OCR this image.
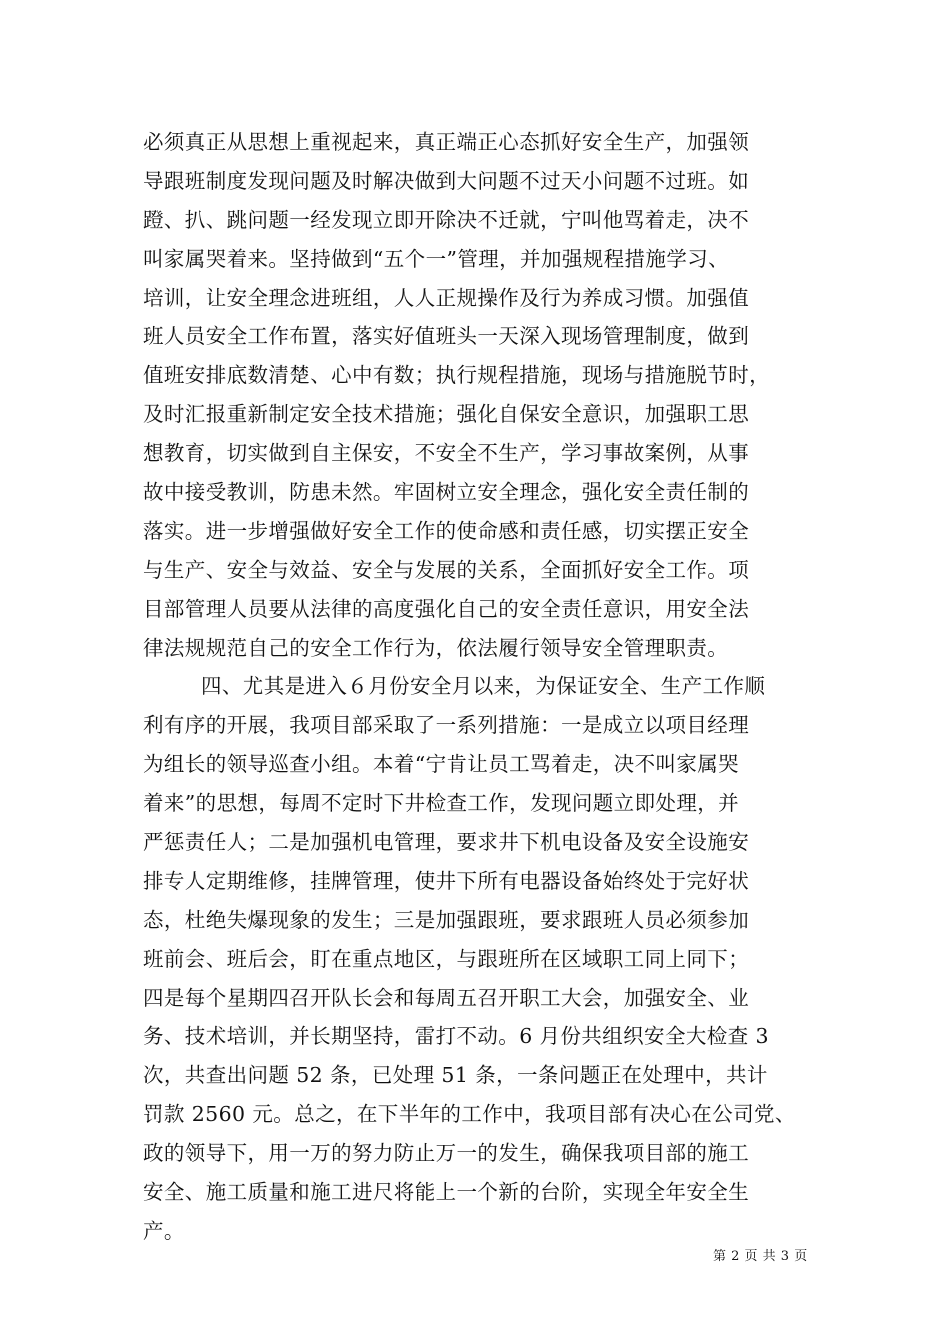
必须真正从思想上重视起来，真正端正心态抓好安全生产，加强领
导跟班制度发现问题及时解决做到大问题不过天小问题不过班。如
蹬、扒、跳问题一经发现立即开除决不迁就，宁叫他骂着走，决不
叫家属哭着来。坚持做到“五个一”管理，并加强规程措施学习、
培训，让安全理念进班组，人人正规操作及行为养成习惯。加强值
班人员安全工作布置，落实好值班头一天深入现场管理制度，做到
值班安排底数清楚、心中有数；执行规程措施，现场与措施脱节时，
及时汇报重新制定安全技术措施；强化自保安全意识，加强职工思
想教育，切实做到自主保安，不安全不生产，学习事故案例，从事
故中接受教训，防患未然。牢固树立安全理念，强化安全责任制的
落实。进一步增强做好安全工作的使命感和责任感，切实摆正安全
与生产、安全与效益、安全与发展的关系，全面抓好安全工作。项
目部管理人员要从法律的高度强化自己的安全责任意识，用安全法
律法规规范自己的安全工作行为，依法履行领导安全管理职责。
四、尤其是进入６月份安全月以来，为保证安全、生产工作顺
利有序的开展，我项目部采取了一系列措施：一是成立以项目经理
为组长的领导巡查小组。本着“宁肯让员工骂着走，决不叫家属哭
着来”的思想，每周不定时下井检查工作，发现问题立即处理，并
严惩责任人；二是加强机电管理，要求井下机电设备及安全设施安
排专人定期维修，挂牌管理，使井下所有电器设备始终处于完好状
态，杜绝失爆现象的发生；三是加强跟班，要求跟班人员必须参加
班前会、班后会，盯在重点地区，与跟班所在区域职工同上同下；
四是每个星期四召开队长会和每周五召开职工大会，加强安全、业
务、技术培训，并长期坚持，雷打不动。6 月份共组织安全大检查 3
次，共查出问题 52 条，已处理 51 条，一条问题正在处理中，共计
罚款 2560 元。总之，在下半年的工作中，我项目部有决心在公司党、
政的领导下，用一万的努力防止万一的发生，确保我项目部的施工
安全、施工质量和施工进尺将能上一个新的台阶，实现全年安全生
产。
第 2 页 共 3 页
